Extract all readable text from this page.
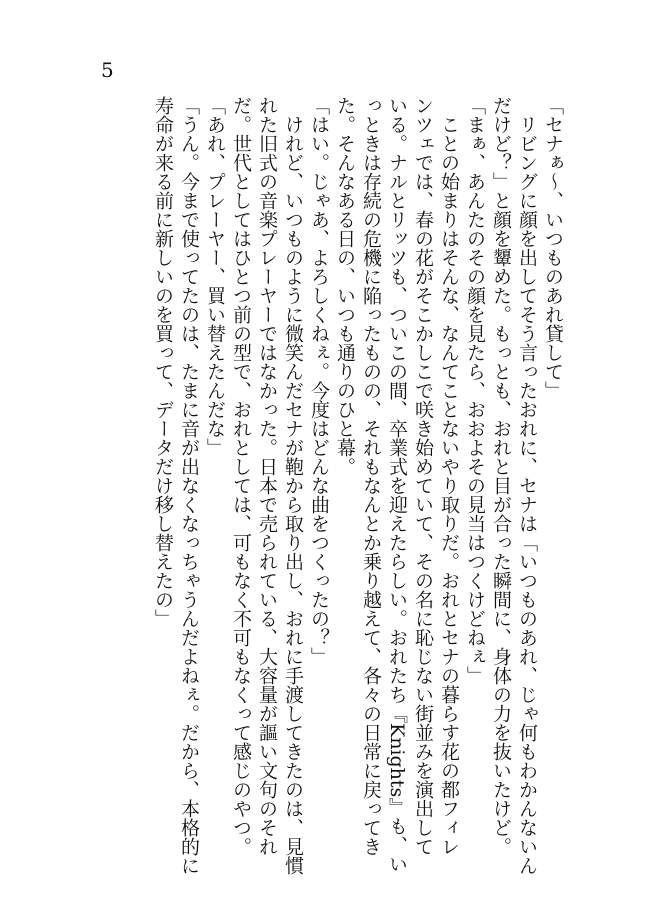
5
「セナぁ〜、いつものあれ貸して」
　リビングに顔を出してそう言ったおれに、セナは「いつものあれ、じゃ何もわかんないん
だけど？」と顔を顰めた。もっとも、おれと目が合った瞬間に、身体の力を抜いたけど。
「まぁ、あんたのその顔を見たら、おおよその見当はつくけどねぇ」
　ことの始まりはそんな、なんてことないやり取りだ。おれとセナの暮らす花の都フィレ
ンツェでは、春の花がそこかしこで咲き始めていて、その名に恥じない街並みを演出して
いる。ナルとリッツも、ついこの間、卒業式を迎えたらしい。おれたち『Knights』も、い
っときは存続の危機に陥ったものの、それもなんとか乗り越えて、各々の日常に戻ってき
た。そんなある日の、いつも通りのひと幕。
「はい。じゃあ、よろしくねぇ。今度はどんな曲をつくったの？」
　けれど、いつものように微笑んだセナが鞄から取り出し、おれに手渡してきたのは、見慣
れた旧式の音楽プレーヤーではなかった。日本で売られている、大容量が謳い文句のそれ
だ。世代としてはひとつ前の型で、おれとしては、可もなく不可もなくって感じのやつ。
「あれ、プレーヤー、買い替えたんだな」
「うん。今まで使ってたのは、たまに音が出なくなっちゃうんだよねぇ。だから、本格的に
寿命が来る前に新しいのを買って、データだけ移し替えたの」
